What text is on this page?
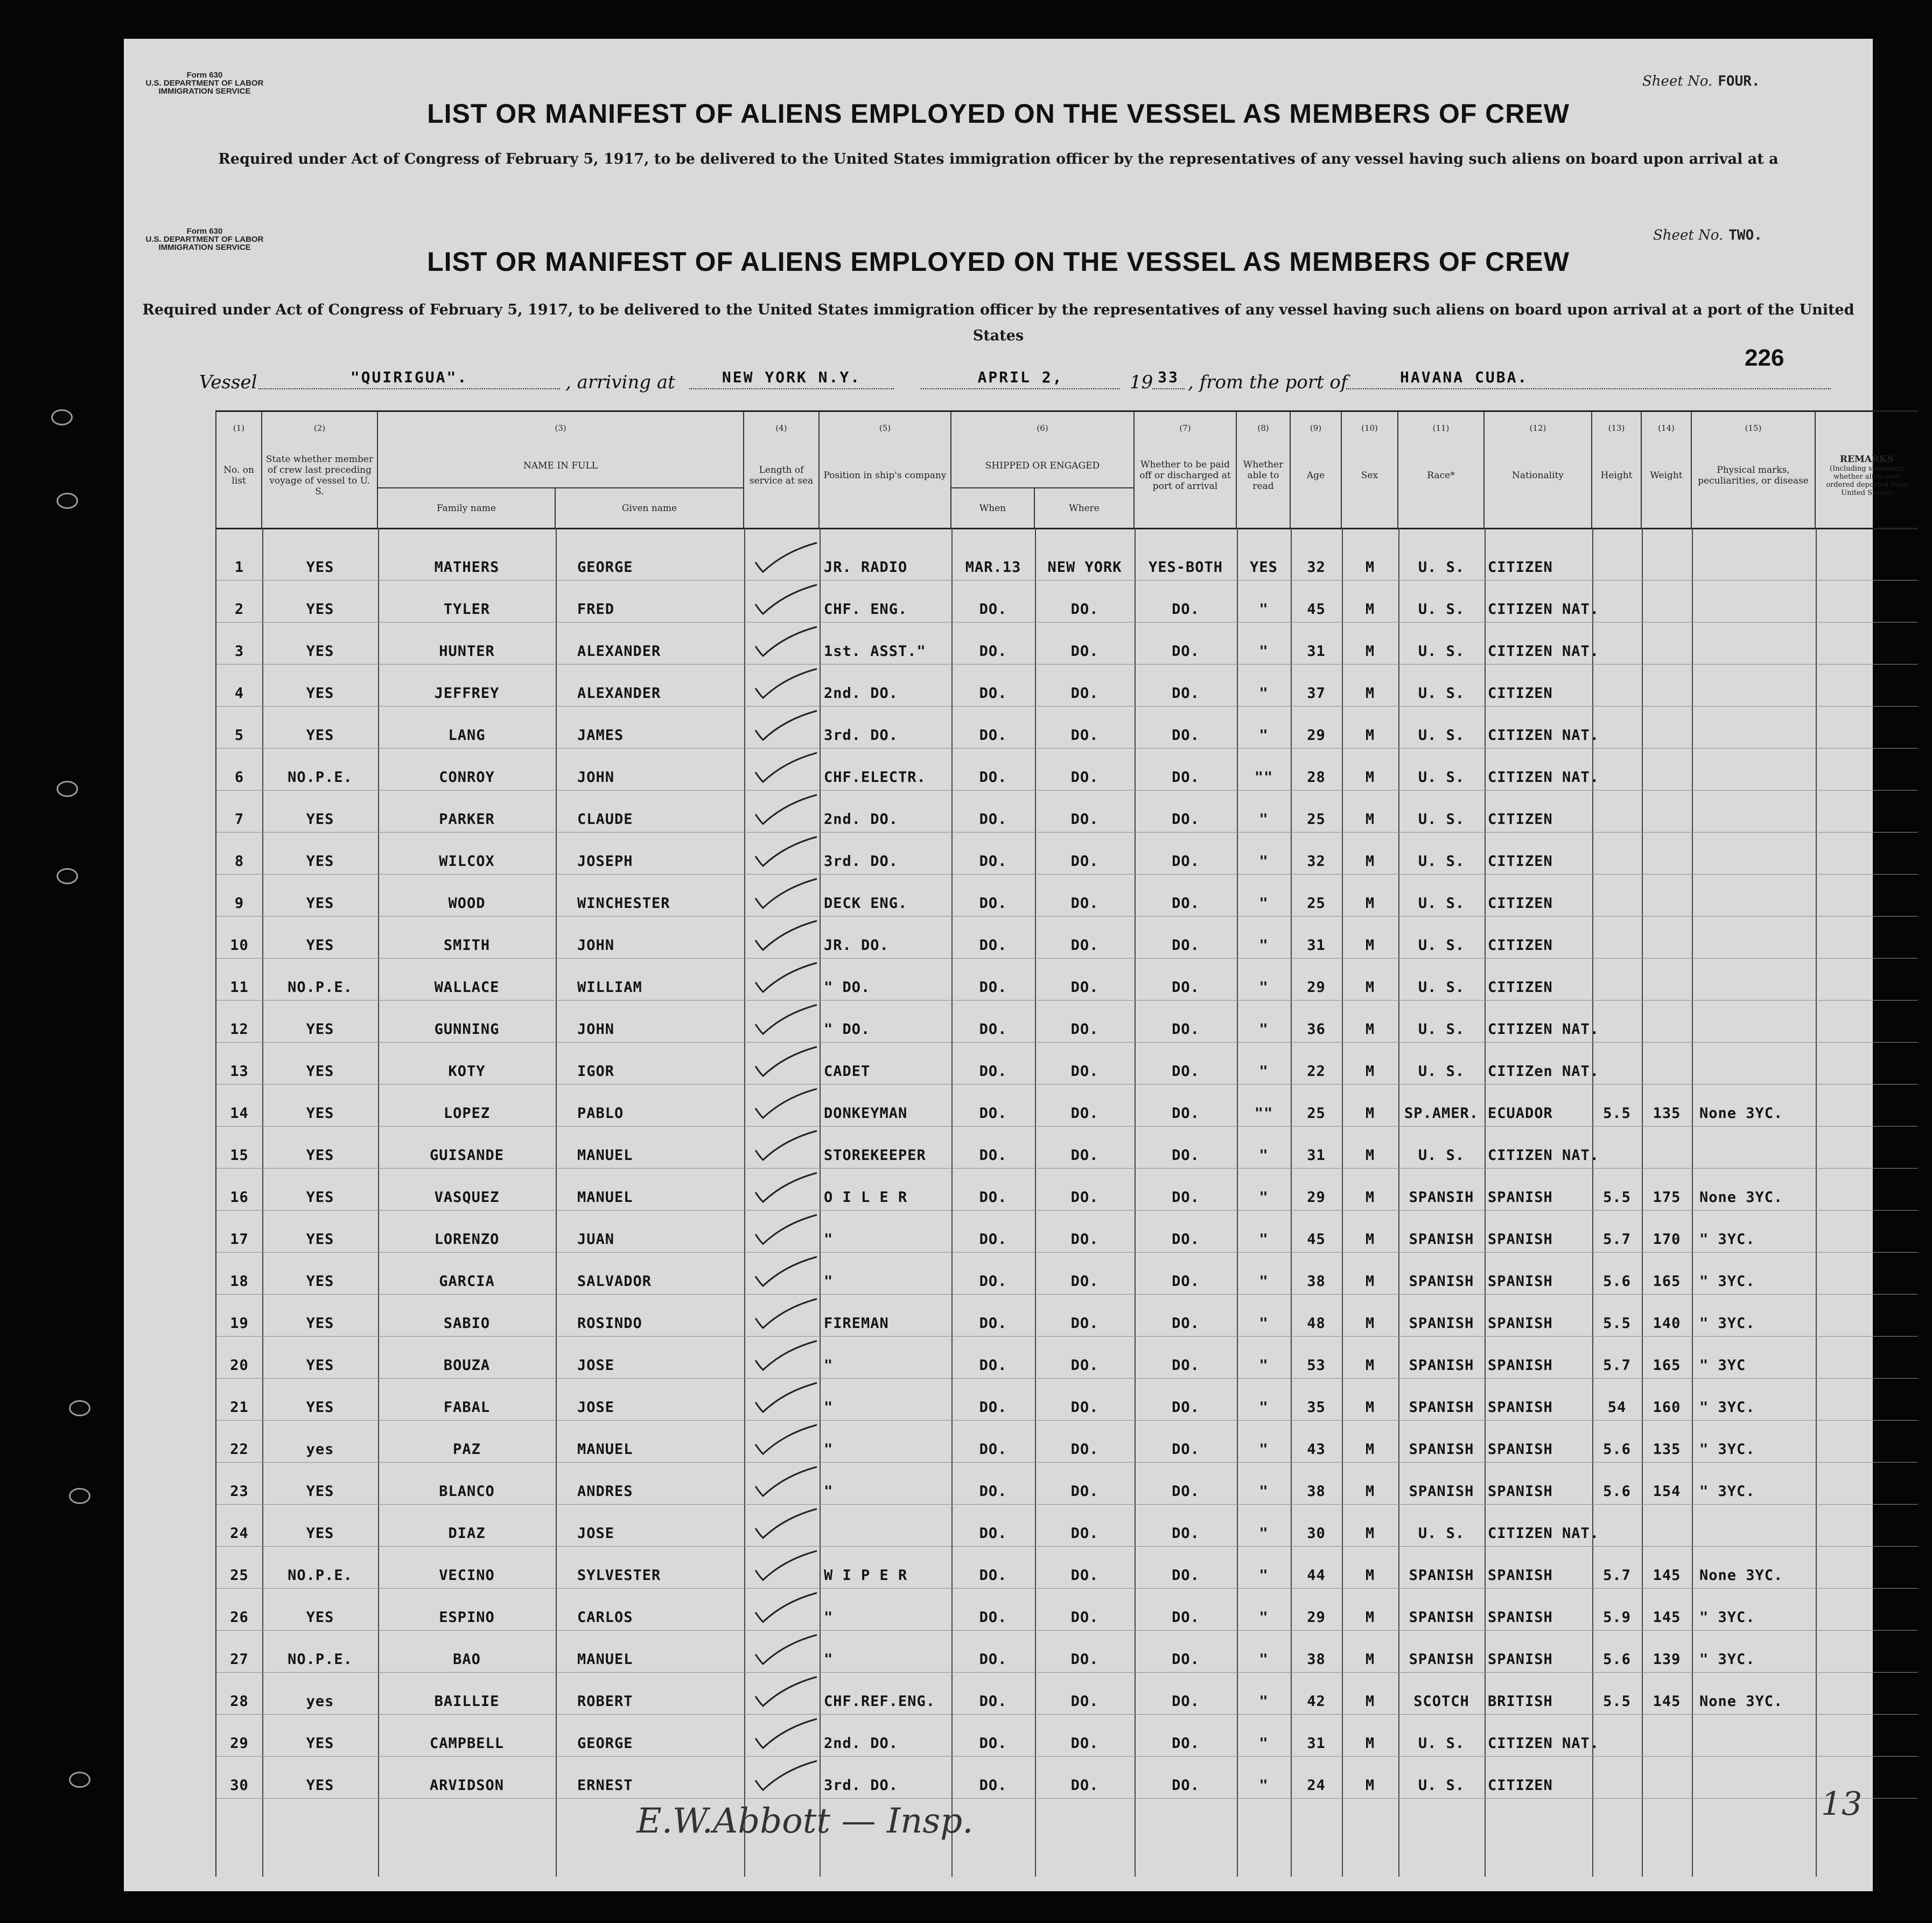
Form 630
U.S. DEPARTMENT OF LABOR
IMMIGRATION SERVICE
Sheet No. FOUR.
LIST OR MANIFEST OF ALIENS EMPLOYED ON THE VESSEL AS MEMBERS OF CREW
Required under Act of Congress of February 5, 1917, to be delivered to the United States immigration officer by the representatives of any vessel having such aliens on board upon arrival at a
Form 630
U.S. DEPARTMENT OF LABOR
IMMIGRATION SERVICE
Sheet No. TWO.
LIST OR MANIFEST OF ALIENS EMPLOYED ON THE VESSEL AS MEMBERS OF CREW
Required under Act of Congress of February 5, 1917, to be delivered to the United States immigration officer by the representatives of any vessel having such aliens on board upon arrival at a port of the United States
226
Vessel	"QUIRIGUA".	, arriving at	NEW YORK N.Y.	APRIL 2,	19 33 , from the port of	HAVANA CUBA.
(1)
No. on list
(2)
State whether member of crew last preceding voyage of vessel to U. S.
(3)
NAME IN FULL
Family name	Given name
(4)
Length of service at sea
(5)
Position in ship's company
(6)
SHIPPED OR ENGAGED
When	Where
(7)
Whether to be paid off or discharged at port of arrival
(8)
Whether able to read
(9)
Age
(10)
Sex
(11)
Race*
(12)
Nationality
(13)
Height
(14)
Weight
(15)
Physical marks, peculiarities, or disease
REMARKS
(Including statement whether alien ever ordered deported from United States)
1	YES	MATHERS	GEORGE	JR. RADIO	MAR.13	NEW YORK	YES-BOTH	YES	32	M	U. S.	CITIZEN
2	YES	TYLER	FRED	CHF. ENG.	DO.	DO.	DO.	"	45	M	U. S.	CITIZEN NAT.
3	YES	HUNTER	ALEXANDER	1st. ASST."	DO.	DO.	DO.	"	31	M	U. S.	CITIZEN NAT.
4	YES	JEFFREY	ALEXANDER	2nd. DO.	DO.	DO.	DO.	"	37	M	U. S.	CITIZEN
5	YES	LANG	JAMES	3rd. DO.	DO.	DO.	DO.	"	29	M	U. S.	CITIZEN NAT.
6	NO.P.E.	CONROY	JOHN	CHF.ELECTR.	DO.	DO.	DO.	""	28	M	U. S.	CITIZEN NAT.
7	YES	PARKER	CLAUDE	2nd. DO.	DO.	DO.	DO.	"	25	M	U. S.	CITIZEN
8	YES	WILCOX	JOSEPH	3rd. DO.	DO.	DO.	DO.	"	32	M	U. S.	CITIZEN
9	YES	WOOD	WINCHESTER	DECK ENG.	DO.	DO.	DO.	"	25	M	U. S.	CITIZEN
10	YES	SMITH	JOHN	JR. DO.	DO.	DO.	DO.	"	31	M	U. S.	CITIZEN
11	NO.P.E.	WALLACE	WILLIAM	" DO.	DO.	DO.	DO.	"	29	M	U. S.	CITIZEN
12	YES	GUNNING	JOHN	" DO.	DO.	DO.	DO.	"	36	M	U. S.	CITIZEN NAT.
13	YES	KOTY	IGOR	CADET	DO.	DO.	DO.	"	22	M	U. S.	CITIZen NAT.
14	YES	LOPEZ	PABLO	DONKEYMAN	DO.	DO.	DO.	""	25	M	SP.AMER. ECUADOR	5.5	135	None 3YC.
15	YES	GUISANDE	MANUEL	STOREKEEPER	DO.	DO.	DO.	"	31	M	U. S.	CITIZEN NAT.
16	YES	VASQUEZ	MANUEL	O I L E R	DO.	DO.	DO.	"	29	M	SPANSIH SPANISH	5.5	175	None 3YC.
17	YES	LORENZO	JUAN	"	DO.	DO.	DO.	"	45	M	SPANISH SPANISH	5.7	170	" 3YC.
18	YES	GARCIA	SALVADOR	"	DO.	DO.	DO.	"	38	M	SPANISH SPANISH	5.6	165	" 3YC.
19	YES	SABIO	ROSINDO	FIREMAN	DO.	DO.	DO.	"	48	M	SPANISH SPANISH	5.5	140	" 3YC.
20	YES	BOUZA	JOSE	"	DO.	DO.	DO.	"	53	M	SPANISH SPANISH	5.7	165	" 3YC
21	YES	FABAL	JOSE	"	DO.	DO.	DO.	"	35	M	SPANISH SPANISH	54	160	" 3YC.
22	yes	PAZ	MANUEL	"	DO.	DO.	DO.	"	43	M	SPANISH SPANISH	5.6	135	" 3YC.
23	YES	BLANCO	ANDRES	"	DO.	DO.	DO.	"	38	M	SPANISH SPANISH	5.6	154	" 3YC.
24	YES	DIAZ	JOSE	DO.	DO.	DO.	"	30	M	U. S.	CITIZEN NAT.
25	NO.P.E.	VECINO	SYLVESTER	W I P E R	DO.	DO.	DO.	"	44	M	SPANISH SPANISH	5.7	145	None 3YC.
26	YES	ESPINO	CARLOS	"	DO.	DO.	DO.	"	29	M	SPANISH SPANISH	5.9	145	" 3YC.
27	NO.P.E.	BAO	MANUEL	"	DO.	DO.	DO.	"	38	M	SPANISH SPANISH	5.6	139	" 3YC.
28	yes	BAILLIE	ROBERT	CHF.REF.ENG.	DO.	DO.	DO.	"	42	M	SCOTCH	BRITISH	5.5	145	None 3YC.
29	YES	CAMPBELL	GEORGE	2nd. DO.	DO.	DO.	DO.	"	31	M	U. S.	CITIZEN NAT.
30	YES	ARVIDSON	ERNEST	3rd. DO.	DO.	DO.	DO.	"	24	M	U. S.	CITIZEN
E.W.Abbott — Insp.	13
